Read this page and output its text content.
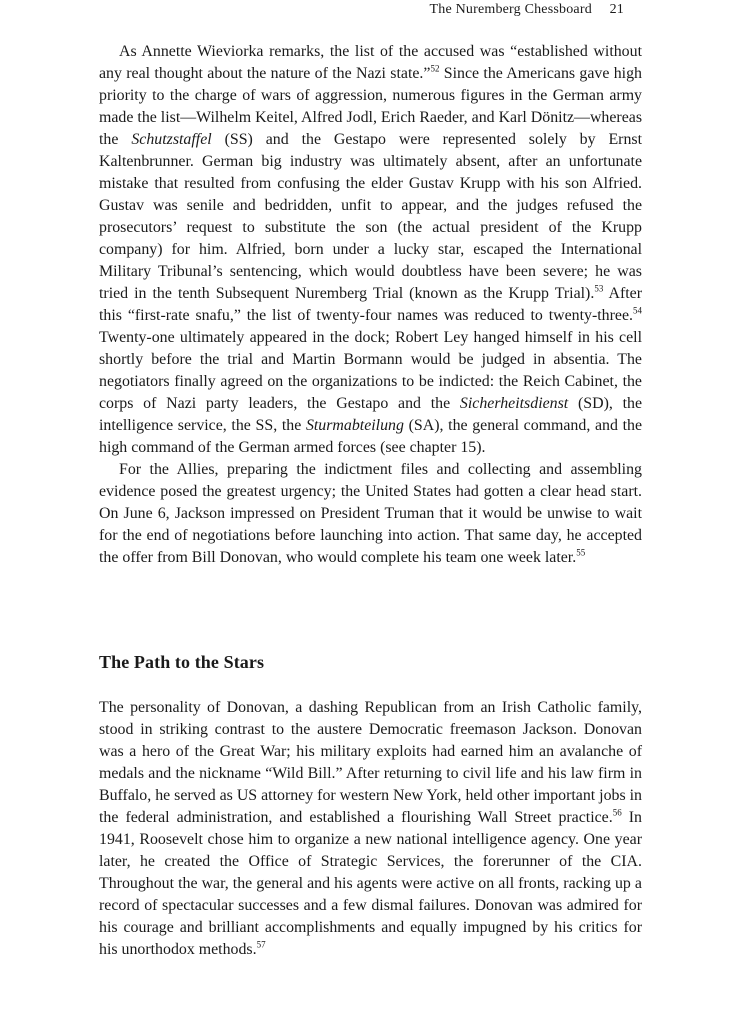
The Nuremberg Chessboard 21

As Annette Wieviorka remarks, the list of the accused was “established without any real thought about the nature of the Nazi state.”$^{52}$ Since the Americans gave high priority to the charge of wars of aggression, numerous figures in the German army made the list—Wilhelm Keitel, Alfred Jodl, Erich Raeder, and Karl Dönitz—whereas the Schutzstaffel (SS) and the Gestapo were represented solely by Ernst Kaltenbrunner. German big industry was ultimately absent, after an unfortunate mistake that resulted from confusing the elder Gustav Krupp with his son Alfried. Gustav was senile and bedridden, unfit to appear, and the judges refused the prosecutors’ request to substitute the son (the actual president of the Krupp company) for him. Alfried, born under a lucky star, escaped the International Military Tribunal’s sentencing, which would doubtless have been severe; he was tried in the tenth Subsequent Nuremberg Trial (known as the Krupp Trial).$^{53}$ After this “first-rate snafu,” the list of twenty-four names was reduced to twenty-three.$^{54}$ Twenty-one ultimately appeared in the dock; Robert Ley hanged himself in his cell shortly before the trial and Martin Bormann would be judged in absentia. The negotiators finally agreed on the organizations to be indicted: the Reich Cabinet, the corps of Nazi party leaders, the Gestapo and the Sicherheitsdienst (SD), the intelligence service, the SS, the Sturmabteilung (SA), the general command, and the high command of the German armed forces (see chapter 15).

For the Allies, preparing the indictment files and collecting and assembling evidence posed the greatest urgency; the United States had gotten a clear head start. On June 6, Jackson impressed on President Truman that it would be unwise to wait for the end of negotiations before launching into action. That same day, he accepted the offer from Bill Donovan, who would complete his team one week later.$^{55}$

The Path to the Stars

The personality of Donovan, a dashing Republican from an Irish Catholic family, stood in striking contrast to the austere Democratic freemason Jackson. Donovan was a hero of the Great War; his military exploits had earned him an avalanche of medals and the nickname “Wild Bill.” After returning to civil life and his law firm in Buffalo, he served as US attorney for western New York, held other important jobs in the federal administration, and established a flourishing Wall Street practice.$^{56}$ In 1941, Roosevelt chose him to organize a new national intelligence agency. One year later, he created the Office of Strategic Services, the forerunner of the CIA. Throughout the war, the general and his agents were active on all fronts, racking up a record of spectacular successes and a few dismal failures. Donovan was admired for his courage and brilliant accomplishments and equally impugned by his critics for his unorthodox methods.$^{57}$
